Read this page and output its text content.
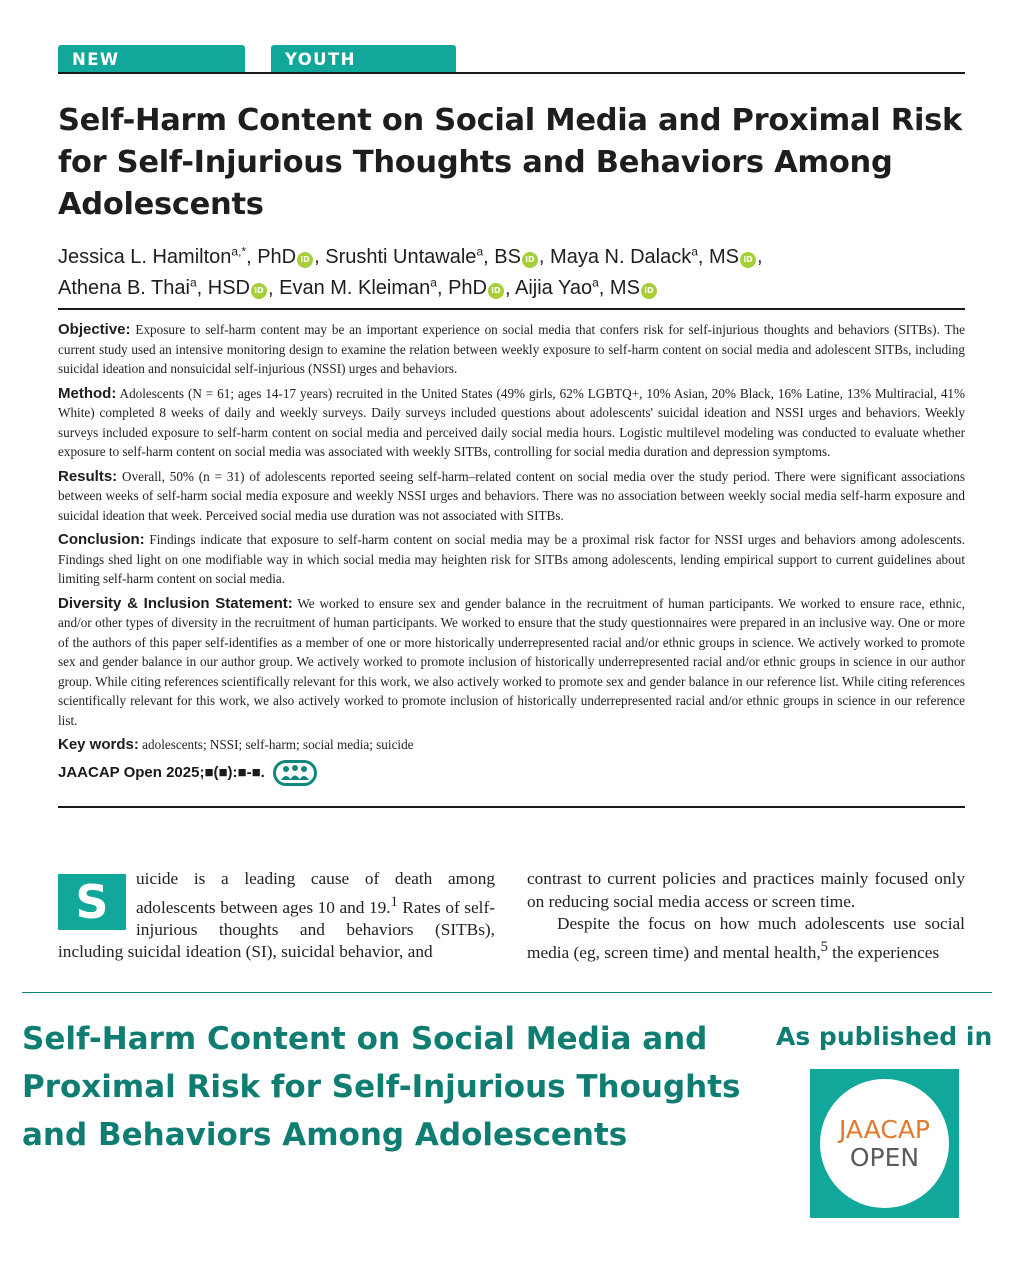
NEW RESEARCH
YOUTH SUICIDE
Self-Harm Content on Social Media and Proximal Risk for Self-Injurious Thoughts and Behaviors Among Adolescents
Jessica L. Hamilton$^{a,*}$, PhD iD , Srushti Untawale$^a$, BS iD , Maya N. Dalack$^a$, MS iD ,
Athena B. Thai$^a$, HSD iD , Evan M. Kleiman$^a$, PhD iD , Aijia Yao$^a$, MS iD

Objective: Exposure to self-harm content may be an important experience on social media that confers risk for self-injurious thoughts and behaviors (SITBs). The current study used an intensive monitoring design to examine the relation between weekly exposure to self-harm content on social media and adolescent SITBs, including suicidal ideation and nonsuicidal self-injurious (NSSI) urges and behaviors.

Method: Adolescents (N = 61; ages 14-17 years) recruited in the United States (49% girls, 62% LGBTQ+, 10% Asian, 20% Black, 16% Latine, 13% Multiracial, 41% White) completed 8 weeks of daily and weekly surveys. Daily surveys included questions about adolescents' suicidal ideation and NSSI urges and behaviors. Weekly surveys included exposure to self-harm content on social media and perceived daily social media hours. Logistic multilevel modeling was conducted to evaluate whether exposure to self-harm content on social media was associated with weekly SITBs, controlling for social media duration and depression symptoms.

Results: Overall, 50% (n = 31) of adolescents reported seeing self-harm–related content on social media over the study period. There were significant associations between weeks of self-harm social media exposure and weekly NSSI urges and behaviors. There was no association between weekly social media self-harm exposure and suicidal ideation that week. Perceived social media use duration was not associated with SITBs.

Conclusion: Findings indicate that exposure to self-harm content on social media may be a proximal risk factor for NSSI urges and behaviors among adolescents. Findings shed light on one modifiable way in which social media may heighten risk for SITBs among adolescents, lending empirical support to current guidelines about limiting self-harm content on social media.

Diversity & Inclusion Statement: We worked to ensure sex and gender balance in the recruitment of human participants. We worked to ensure race, ethnic, and/or other types of diversity in the recruitment of human participants. We worked to ensure that the study questionnaires were prepared in an inclusive way. One or more of the authors of this paper self-identifies as a member of one or more historically underrepresented racial and/or ethnic groups in science. We actively worked to promote sex and gender balance in our author group. We actively worked to promote inclusion of historically underrepresented racial and/or ethnic groups in science in our author group. While citing references scientifically relevant for this work, we also actively worked to promote sex and gender balance in our reference list. While citing references scientifically relevant for this work, we also actively worked to promote inclusion of historically underrepresented racial and/or ethnic groups in science in our reference list.

Key words: adolescents; NSSI; self-harm; social media; suicide

JAACAP Open 2025;■(■):■-■.

S	uicide is a leading cause of death among adolescents between ages 10 and 19.$^1$ Rates of self-injurious thoughts and behaviors (SITBs), including suicidal ideation (SI), suicidal behavior, and

contrast to current policies and practices mainly focused only on reducing social media access or screen time.
Despite the focus on how much adolescents use social media (eg, screen time) and mental health,$^5$ the experiences

Self-Harm Content on Social Media and Proximal Risk for Self-Injurious Thoughts and Behaviors Among Adolescents
As published in
JAACAP
OPEN
